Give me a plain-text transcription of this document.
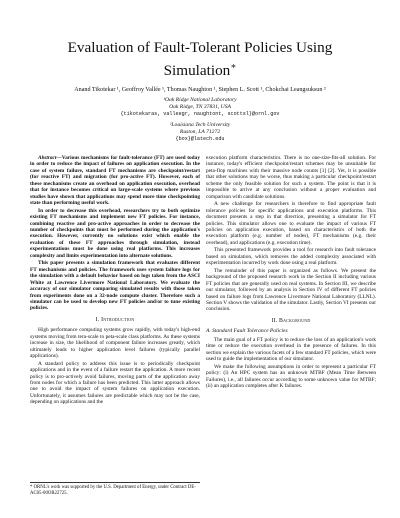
Evaluation of Fault-Tolerant Policies Using
Simulation∗
Anand Tikotekar ¹, Geoffroy Vallée ¹, Thomas Naughton ¹, Stephen L. Scott ¹, Chokchai Leangsuksun ²
¹Oak Ridge National Laboratory
Oak Ridge, TN 37831, USA
{tikotekaras, valleegr, naughtont, scottsl}@ornl.gov
²Louisiana Tech University
Ruston, LA 71272
{box}@latech.edu

Abstract—Various mechanisms for fault-tolerance (FT) are used today in order to reduce the impact of failures on application execution. In the case of system failure, standard FT mechanisms are checkpoint/restart (for reactive FT) and migration (for pro-active FT). However, each of these mechanisms create an overhead on application execution, overhead that for instance becomes critical on large-scale systems where previous studies have shown that applications may spend more time checkpointing state than performing useful work.

In order to decrease this overhead, researchers try to both optimize existing FT mechanisms and implement new FT policies. For instance, combining reactive and pro-active approaches in order to decrease the number of checkpoints that must be performed during the application's execution. However, currently no solutions exist which enable the evaluation of these FT approaches through simulation, instead experimentations must be done using real platforms. This increases complexity and limits experimentation into alternate solutions.

This paper presents a simulation framework that evaluates different FT mechanisms and policies. The framework uses system failure logs for the simulation with a default behavior based on logs taken from the ASCI White at Lawrence Livermore National Laboratory. We evaluate the accuracy of our simulator comparing simulated results with those taken from experiments done on a 32-node compute cluster. Therefore such a simulator can be used to develop new FT policies and/or to tune existing policies.

I. Introduction

High performance computing systems grow rapidly, with today's high-end systems moving from tera-scale to peta-scale class platforms. As these systems increase in size, the likelihood of component failure increases greatly, which ultimately leads to higher application level failures (typically parallel applications).

A standard policy to address this issue is to periodically checkpoint applications and in the event of a failure restart the application. A more recent policy is to pro-actively avoid failures, moving parts of the application away from nodes for which a failure has been predicted. This latter approach allows one to avoid the impact of system failures on application execution. Unfortunately, it assumes failures are predictable which may not be the case, depending on applications and the

* ORNL's work was supported by the U.S. Department of Energy, under Contract DE-AC05-00OR22725.

execution platform characteristics. There is no one-size-fits-all solution. For instance, today's efficient checkpoint/restart schemes may be unsuitable for peta-flop machines with their massive node counts [1] [2]. Yet, it is possible that other solutions may be worse, thus making a particular checkpoint/restart scheme the only feasible solution for such a system. The point is that it is impossible to arrive at any conclusion without a proper evaluation and comparison with candidate solutions.

A new challenge for researchers is therefore to find appropriate fault tolerance policies for specific applications and execution platforms. This document presents a step in that direction, presenting a simulator for FT policies. This simulator allows one to evaluate the impact of various FT policies on application execution, based on characteristics of both the execution platform (e.g. number of nodes), FT mechanisms (e.g. their overhead), and applications (e.g. execution time).

This presented framework provides a tool for research into fault tolerance based on simulation, which removes the added complexity associated with experimentation incurred by work done using a real platform.

The remainder of this paper is organized as follows. We present the background of the proposed research work in the Section II including various FT policies that are generally used on real systems. In Section III, we describe our simulator, followed by an analysis in Section IV of different FT policies based on failure logs from Lawrence Livermore National Laboratory (LLNL). Section V shows the validation of the simulator. Lastly, Section VI presents our conclusion.

II. Background
A. Standard Fault Tolerance Policies

The main goal of a FT policy is to reduce the loss of an application's work time or reduce the execution overhead in the presence of failures. In this section we explain the various facets of a few standard FT policies, which were used to guide the implementation of our simulator.

We make the following assumptions in order to represent a particular FT policy: (i) An HPC system has an unknown MTBF (Mean Time Between Failures), i.e., all failures occur according to some unknown value for MTBF; (ii) an application completes after K failures.
